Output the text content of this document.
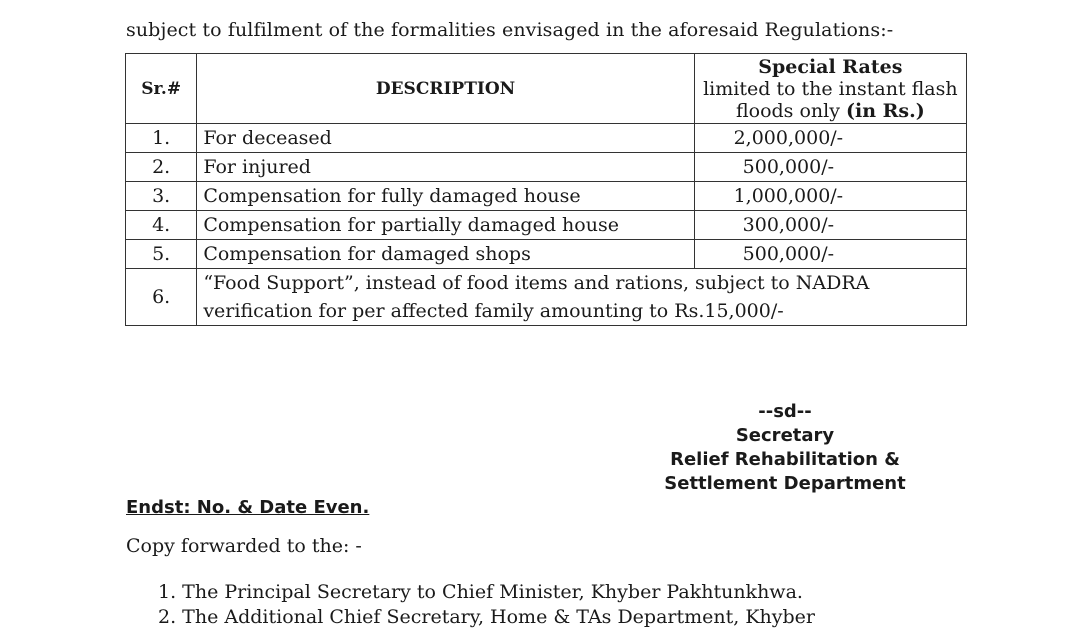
subject to fulfilment of the formalities envisaged in the aforesaid Regulations:-
Sr.#	DESCRIPTION	Special Rates
limited to the instant flash floods only (in Rs.)

1.	For deceased	2,000,000/-
2.	For injured	500,000/-
3.	Compensation for fully damaged house	1,000,000/-
4.	Compensation for partially damaged house	300,000/-
5.	Compensation for damaged shops	500,000/-
6.	“Food Support”, instead of food items and rations, subject to NADRA
verification for per affected family amounting to Rs.15,000/-	
--sd--
Secretary
Relief Rehabilitation &
Settlement Department
Endst: No. & Date Even.
Copy forwarded to the: -
1. The Principal Secretary to Chief Minister, Khyber Pakhtunkhwa.
2. The Additional Chief Secretary, Home & TAs Department, Khyber
